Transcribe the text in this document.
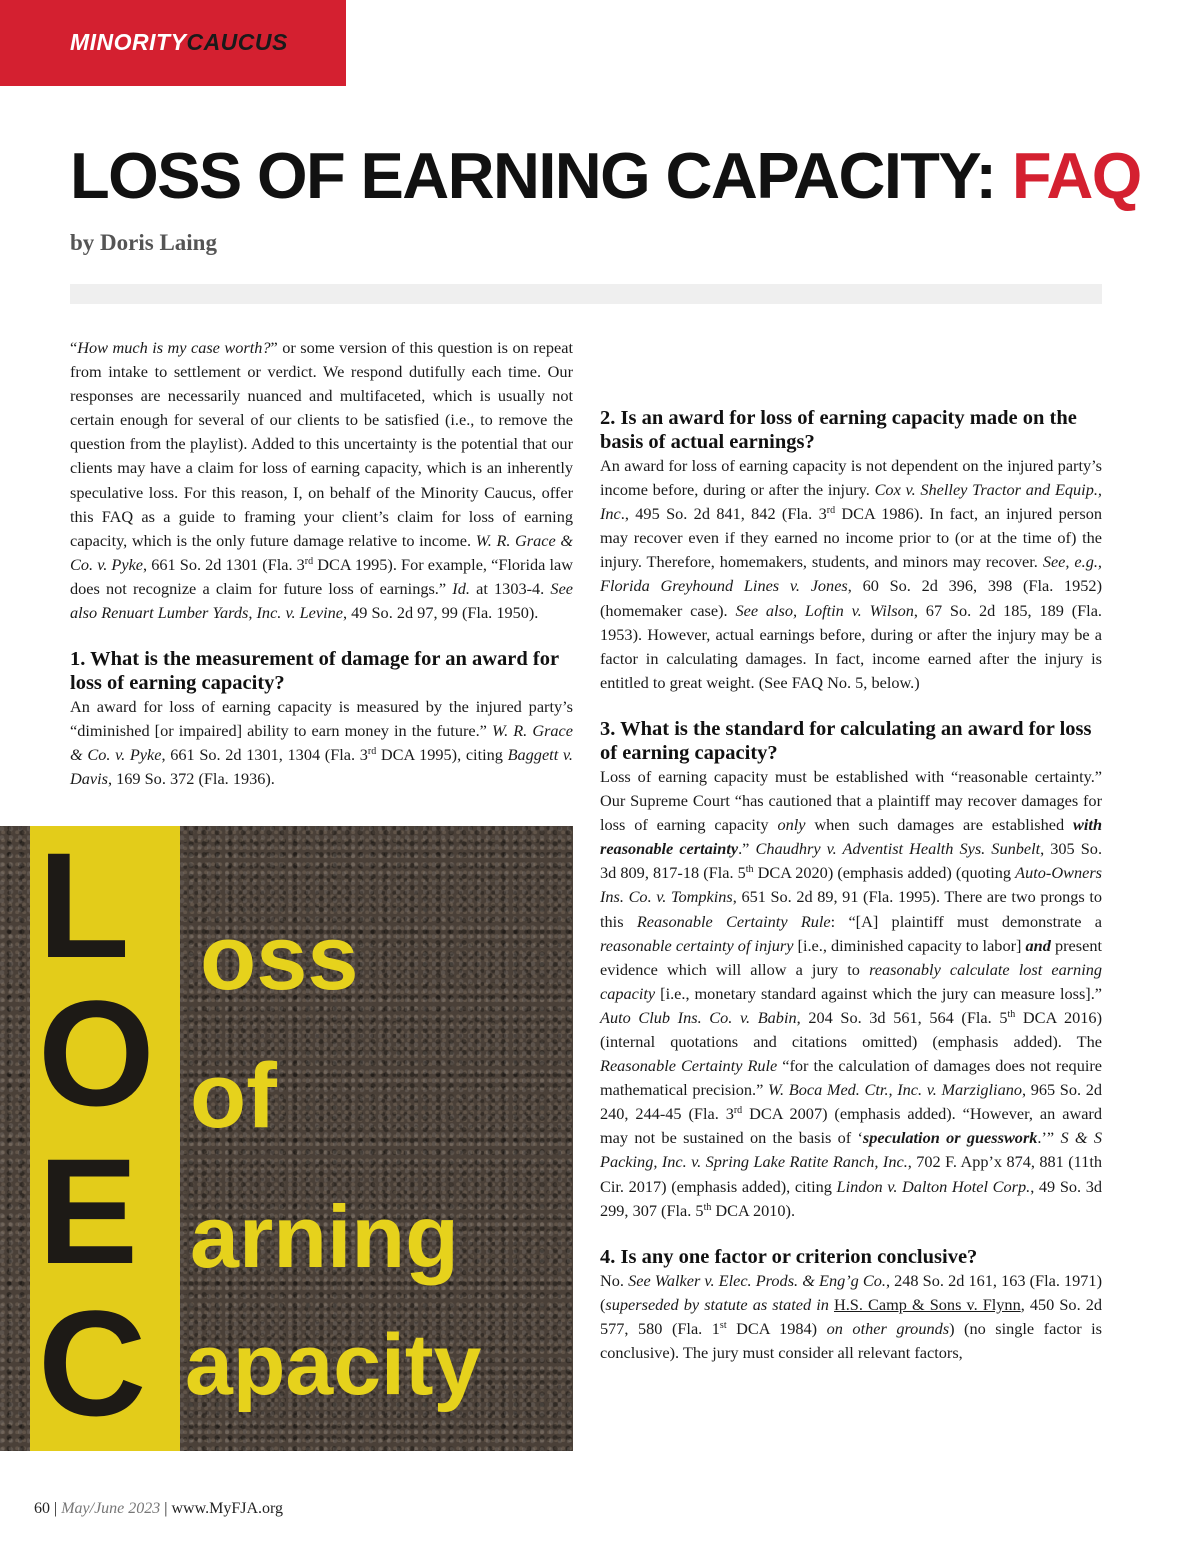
MINORITYCAUCUS
LOSS OF EARNING CAPACITY: FAQ
by Doris Laing

“How much is my case worth?” or some version of this question is on repeat from intake to settlement or verdict. We respond dutifully each time. Our responses are necessarily nuanced and multifaceted, which is usually not certain enough for several of our clients to be satisfied (i.e., to remove the question from the playlist). Added to this uncertainty is the potential that our clients may have a claim for loss of earning capacity, which is an inherently speculative loss. For this reason, I, on behalf of the Minority Caucus, offer this FAQ as a guide to framing your client’s claim for loss of earning capacity, which is the only future damage relative to income. W. R. Grace & Co. v. Pyke, 661 So. 2d 1301 (Fla. 3rd DCA 1995). For example, “Florida law does not recognize a claim for future loss of earnings.” Id. at 1303-4. See also Renuart Lumber Yards, Inc. v. Levine, 49 So. 2d 97, 99 (Fla. 1950).

1. What is the measurement of damage for an award for loss of earning capacity?

An award for loss of earning capacity is measured by the injured party’s “diminished [or impaired] ability to earn money in the future.” W. R. Grace & Co. v. Pyke, 661 So. 2d 1301, 1304 (Fla. 3rd DCA 1995), citing Baggett v. Davis, 169 So. 372 (Fla. 1936).

L
O
E
C
oss
of
arning
apacity
2. Is an award for loss of earning capacity made on the basis of actual earnings?

An award for loss of earning capacity is not dependent on the injured party’s income before, during or after the injury. Cox v. Shelley Tractor and Equip., Inc., 495 So. 2d 841, 842 (Fla. 3rd DCA 1986). In fact, an injured person may recover even if they earned no income prior to (or at the time of) the injury. Therefore, homemakers, students, and minors may recover. See, e.g., Florida Greyhound Lines v. Jones, 60 So. 2d 396, 398 (Fla. 1952) (homemaker case). See also, Loftin v. Wilson, 67 So. 2d 185, 189 (Fla. 1953). However, actual earnings before, during or after the injury may be a factor in calculating damages. In fact, income earned after the injury is entitled to great weight. (See FAQ No. 5, below.)

3. What is the standard for calculating an award for loss of earning capacity?

Loss of earning capacity must be established with “reasonable certainty.” Our Supreme Court “has cautioned that a plaintiff may recover damages for loss of earning capacity only when such damages are established with reasonable certainty.” Chaudhry v. Adventist Health Sys. Sunbelt, 305 So. 3d 809, 817-18 (Fla. 5th DCA 2020) (emphasis added) (quoting Auto-Owners Ins. Co. v. Tompkins, 651 So. 2d 89, 91 (Fla. 1995). There are two prongs to this Reasonable Certainty Rule: “[A] plaintiff must demonstrate a reasonable certainty of injury [i.e., diminished capacity to labor] and present evidence which will allow a jury to reasonably calculate lost earning capacity [i.e., monetary standard against which the jury can measure loss].” Auto Club Ins. Co. v. Babin, 204 So. 3d 561, 564 (Fla. 5th DCA 2016) (internal quotations and citations omitted) (emphasis added). The Reasonable Certainty Rule “for the calculation of damages does not require mathematical precision.” W. Boca Med. Ctr., Inc. v. Marzigliano, 965 So. 2d 240, 244-45 (Fla. 3rd DCA 2007) (emphasis added). “However, an award may not be sustained on the basis of ‘speculation or guesswork.’” S & S Packing, Inc. v. Spring Lake Ratite Ranch, Inc., 702 F. App’x 874, 881 (11th Cir. 2017) (emphasis added), citing Lindon v. Dalton Hotel Corp., 49 So. 3d 299, 307 (Fla. 5th DCA 2010).

4. Is any one factor or criterion conclusive?

No. See Walker v. Elec. Prods. & Eng’g Co., 248 So. 2d 161, 163 (Fla. 1971) (superseded by statute as stated in H.S. Camp & Sons v. Flynn, 450 So. 2d 577, 580 (Fla. 1st DCA 1984) on other grounds) (no single factor is conclusive). The jury must consider all relevant factors,

60 | May/June 2023 | www.MyFJA.org
